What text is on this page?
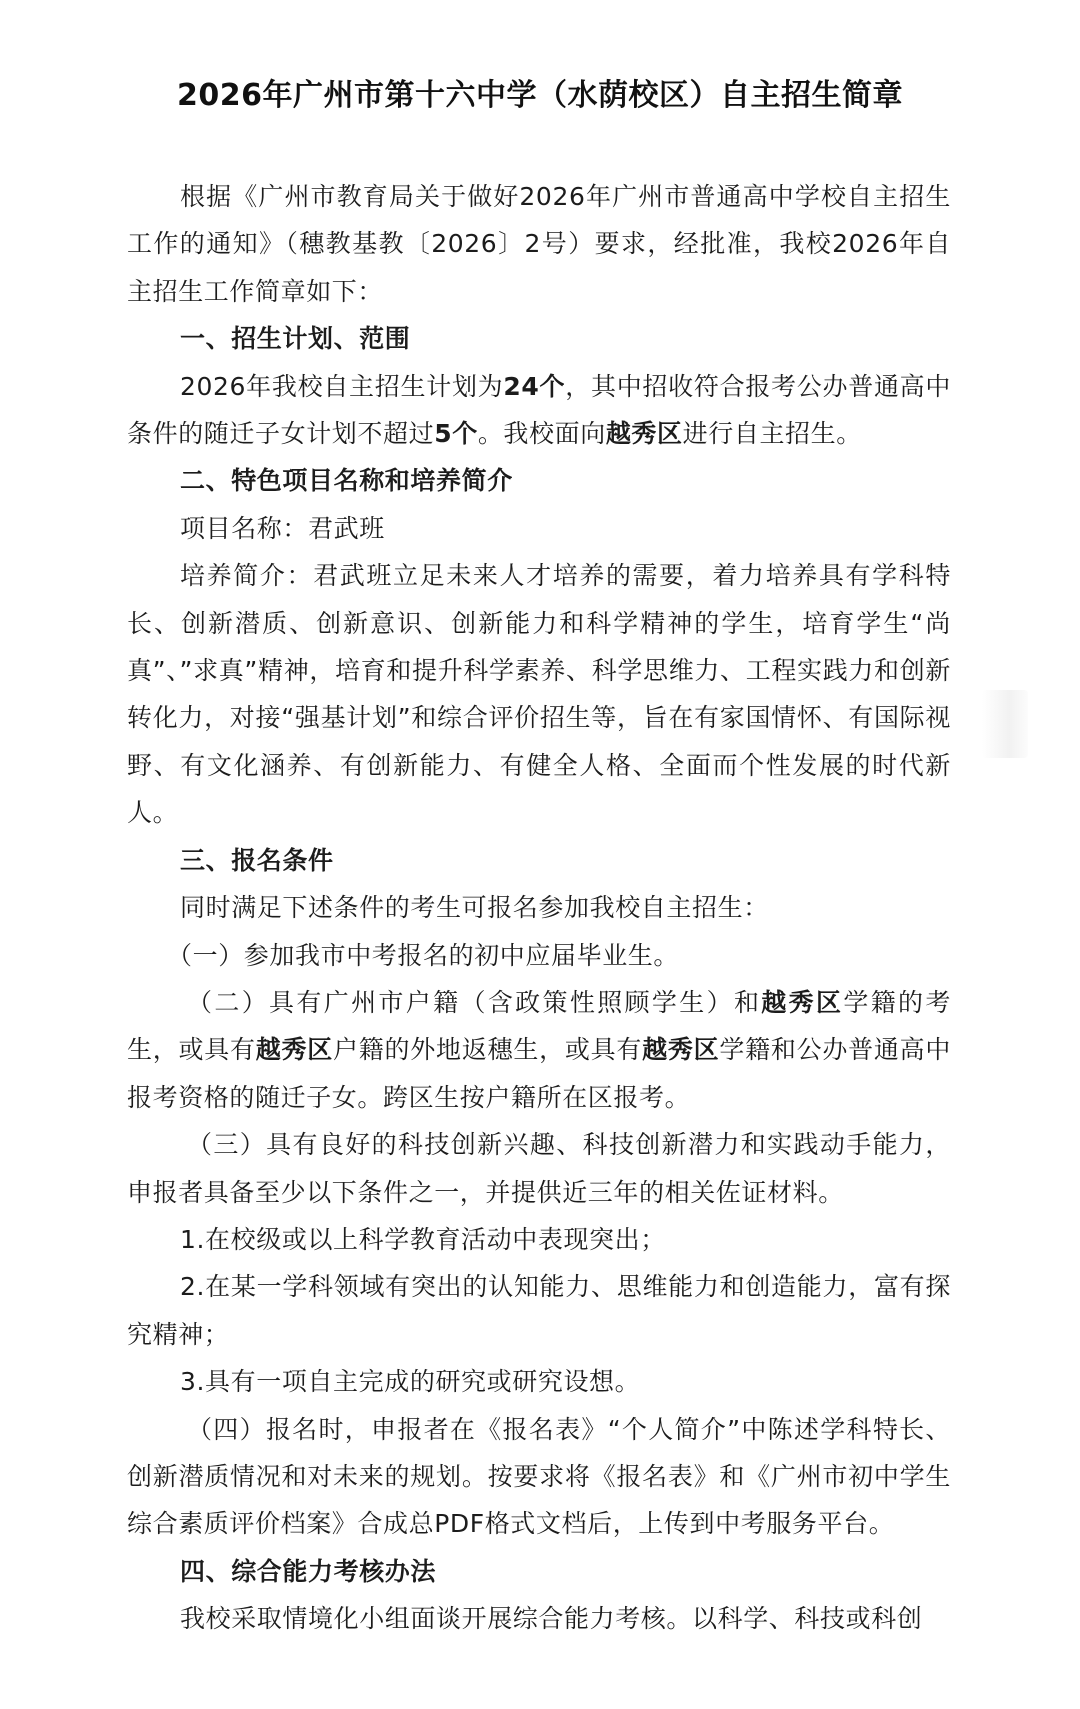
2026年广州市第十六中学（水荫校区）自主招生简章

根据《广州市教育局关于做好2026年广州市普通高中学校自主招生工作的通知》（穗教基教〔2026〕2号）要求，经批准，我校2026年自主招生工作简章如下：

一、招生计划、范围

2026年我校自主招生计划为24个，其中招收符合报考公办普通高中条件的随迁子女计划不超过5个。我校面向越秀区进行自主招生。

二、特色项目名称和培养简介

项目名称：君武班

培养简介：君武班立足未来人才培养的需要，着力培养具有学科特长、创新潜质、创新意识、创新能力和科学精神的学生，培育学生“尚真”、”求真”精神，培育和提升科学素养、科学思维力、工程实践力和创新转化力，对接“强基计划”和综合评价招生等，旨在有家国情怀、有国际视野、有文化涵养、有创新能力、有健全人格、全面而个性发展的时代新人。

三、报名条件

同时满足下述条件的考生可报名参加我校自主招生：

（一）参加我市中考报名的初中应届毕业生。

（二）具有广州市户籍（含政策性照顾学生）和越秀区学籍的考生，或具有越秀区户籍的外地返穗生，或具有越秀区学籍和公办普通高中报考资格的随迁子女。跨区生按户籍所在区报考。

（三）具有良好的科技创新兴趣、科技创新潜力和实践动手能力，申报者具备至少以下条件之一，并提供近三年的相关佐证材料。

1.在校级或以上科学教育活动中表现突出；

2.在某一学科领域有突出的认知能力、思维能力和创造能力，富有探究精神；

3.具有一项自主完成的研究或研究设想。

（四）报名时，申报者在《报名表》“个人简介”中陈述学科特长、创新潜质情况和对未来的规划。按要求将《报名表》和《广州市初中学生综合素质评价档案》合成总PDF格式文档后，上传到中考服务平台。

四、综合能力考核办法

我校采取情境化小组面谈开展综合能力考核。以科学、科技或科创
